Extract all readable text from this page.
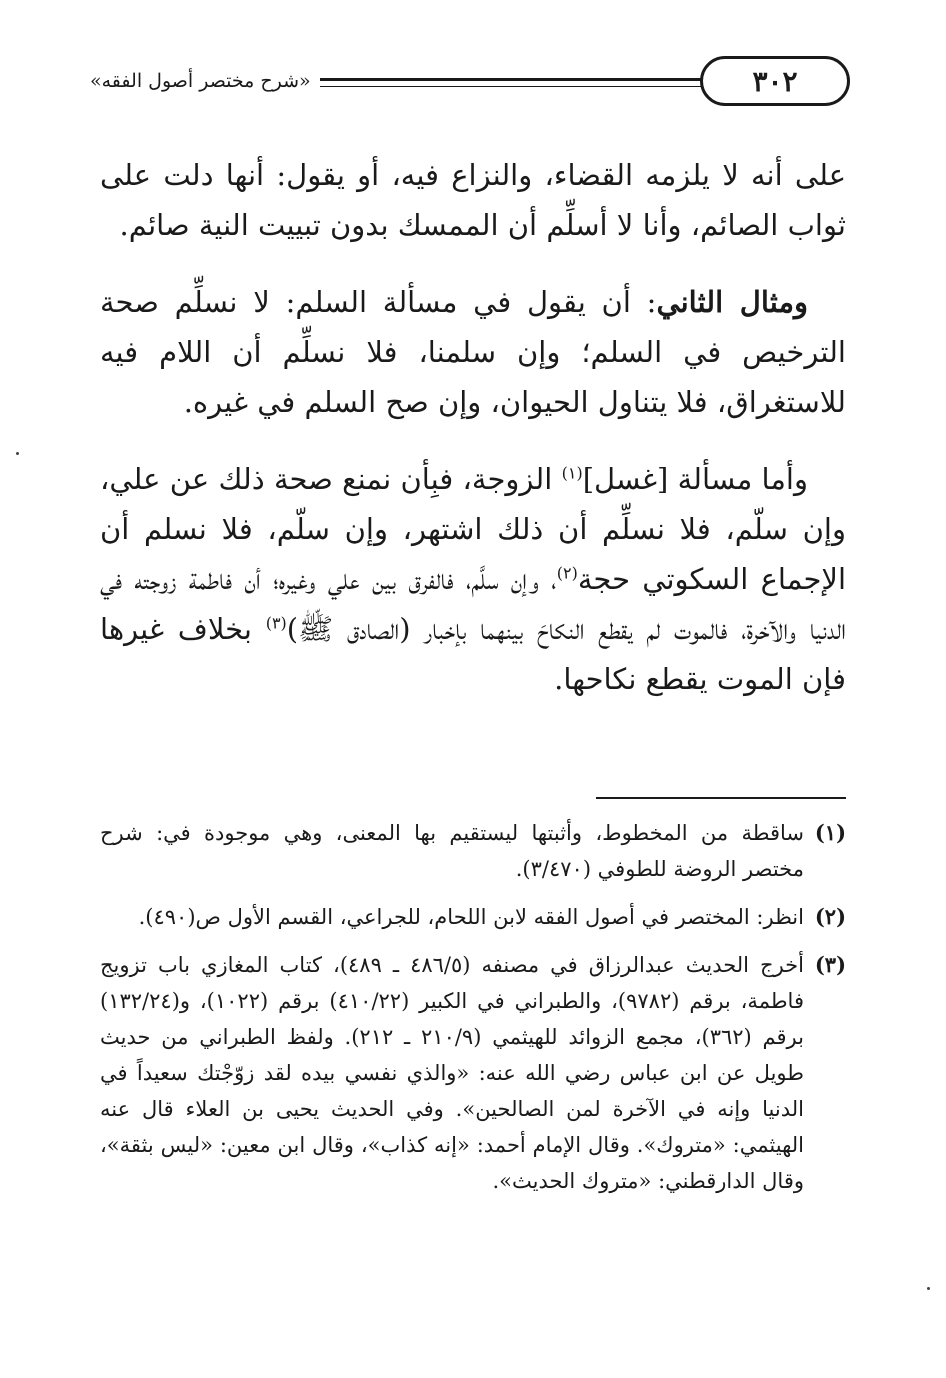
«شرح مختصر أصول الفقه»	٣٠٢

على أنه لا يلزمه القضاء، والنزاع فيه، أو يقول: أنها دلت على ثواب الصائم، وأنا لا أسلِّم أن الممسك بدون تبييت النية صائم.

ومثال الثاني: أن يقول في مسألة السلم: لا نسلِّم صحة الترخيص في السلم؛ وإن سلمنا، فلا نسلِّم أن اللام فيه للاستغراق، فلا يتناول الحيوان، وإن صح السلم في غيره.

وأما مسألة [غسل]$^{(١)}$ الزوجة، فبِأن نمنع صحة ذلك عن علي، وإن سلّم، فلا نسلِّم أن ذلك اشتهر، وإن سلّم، فلا نسلم أن الإجماع السكوتي حجة$^{(٢)}$، وإن سلَّم، فالفرق بين علي وغيره؛ أن فاطمة زوجته في الدنيا والآخرة، فالموت لم يقطع النكاحَ بينهما بإخبار (الصادق ﷺ)$^{(٣)}$ بخلاف غيرها فإن الموت يقطع نكاحها.

(١)
ساقطة من المخطوط، وأثبتها ليستقيم بها المعنى، وهي موجودة في: شرح مختصر الروضة للطوفي (٣/٤٧٠).
(٢)
انظر: المختصر في أصول الفقه لابن اللحام، للجراعي، القسم الأول ص(٤٩٠).
(٣)
أخرج الحديث عبدالرزاق في مصنفه (٤٨٦/٥ ـ ٤٨٩)، كتاب المغازي باب تزويج فاطمة، برقم (٩٧٨٢)، والطبراني في الكبير (٤١٠/٢٢) برقم (١٠٢٢)، و(١٣٢/٢٤) برقم (٣٦٢)، مجمع الزوائد للهيثمي (٢١٠/٩ ـ ٢١٢). ولفظ الطبراني من حديث طويل عن ابن عباس رضي الله عنه: «والذي نفسي بيده لقد زوّجْتك سعيداً في الدنيا وإنه في الآخرة لمن الصالحين». وفي الحديث يحيى بن العلاء قال عنه الهيثمي: «متروك». وقال الإمام أحمد: «إنه كذاب»، وقال ابن معين: «ليس بثقة»، وقال الدارقطني: «متروك الحديث».
